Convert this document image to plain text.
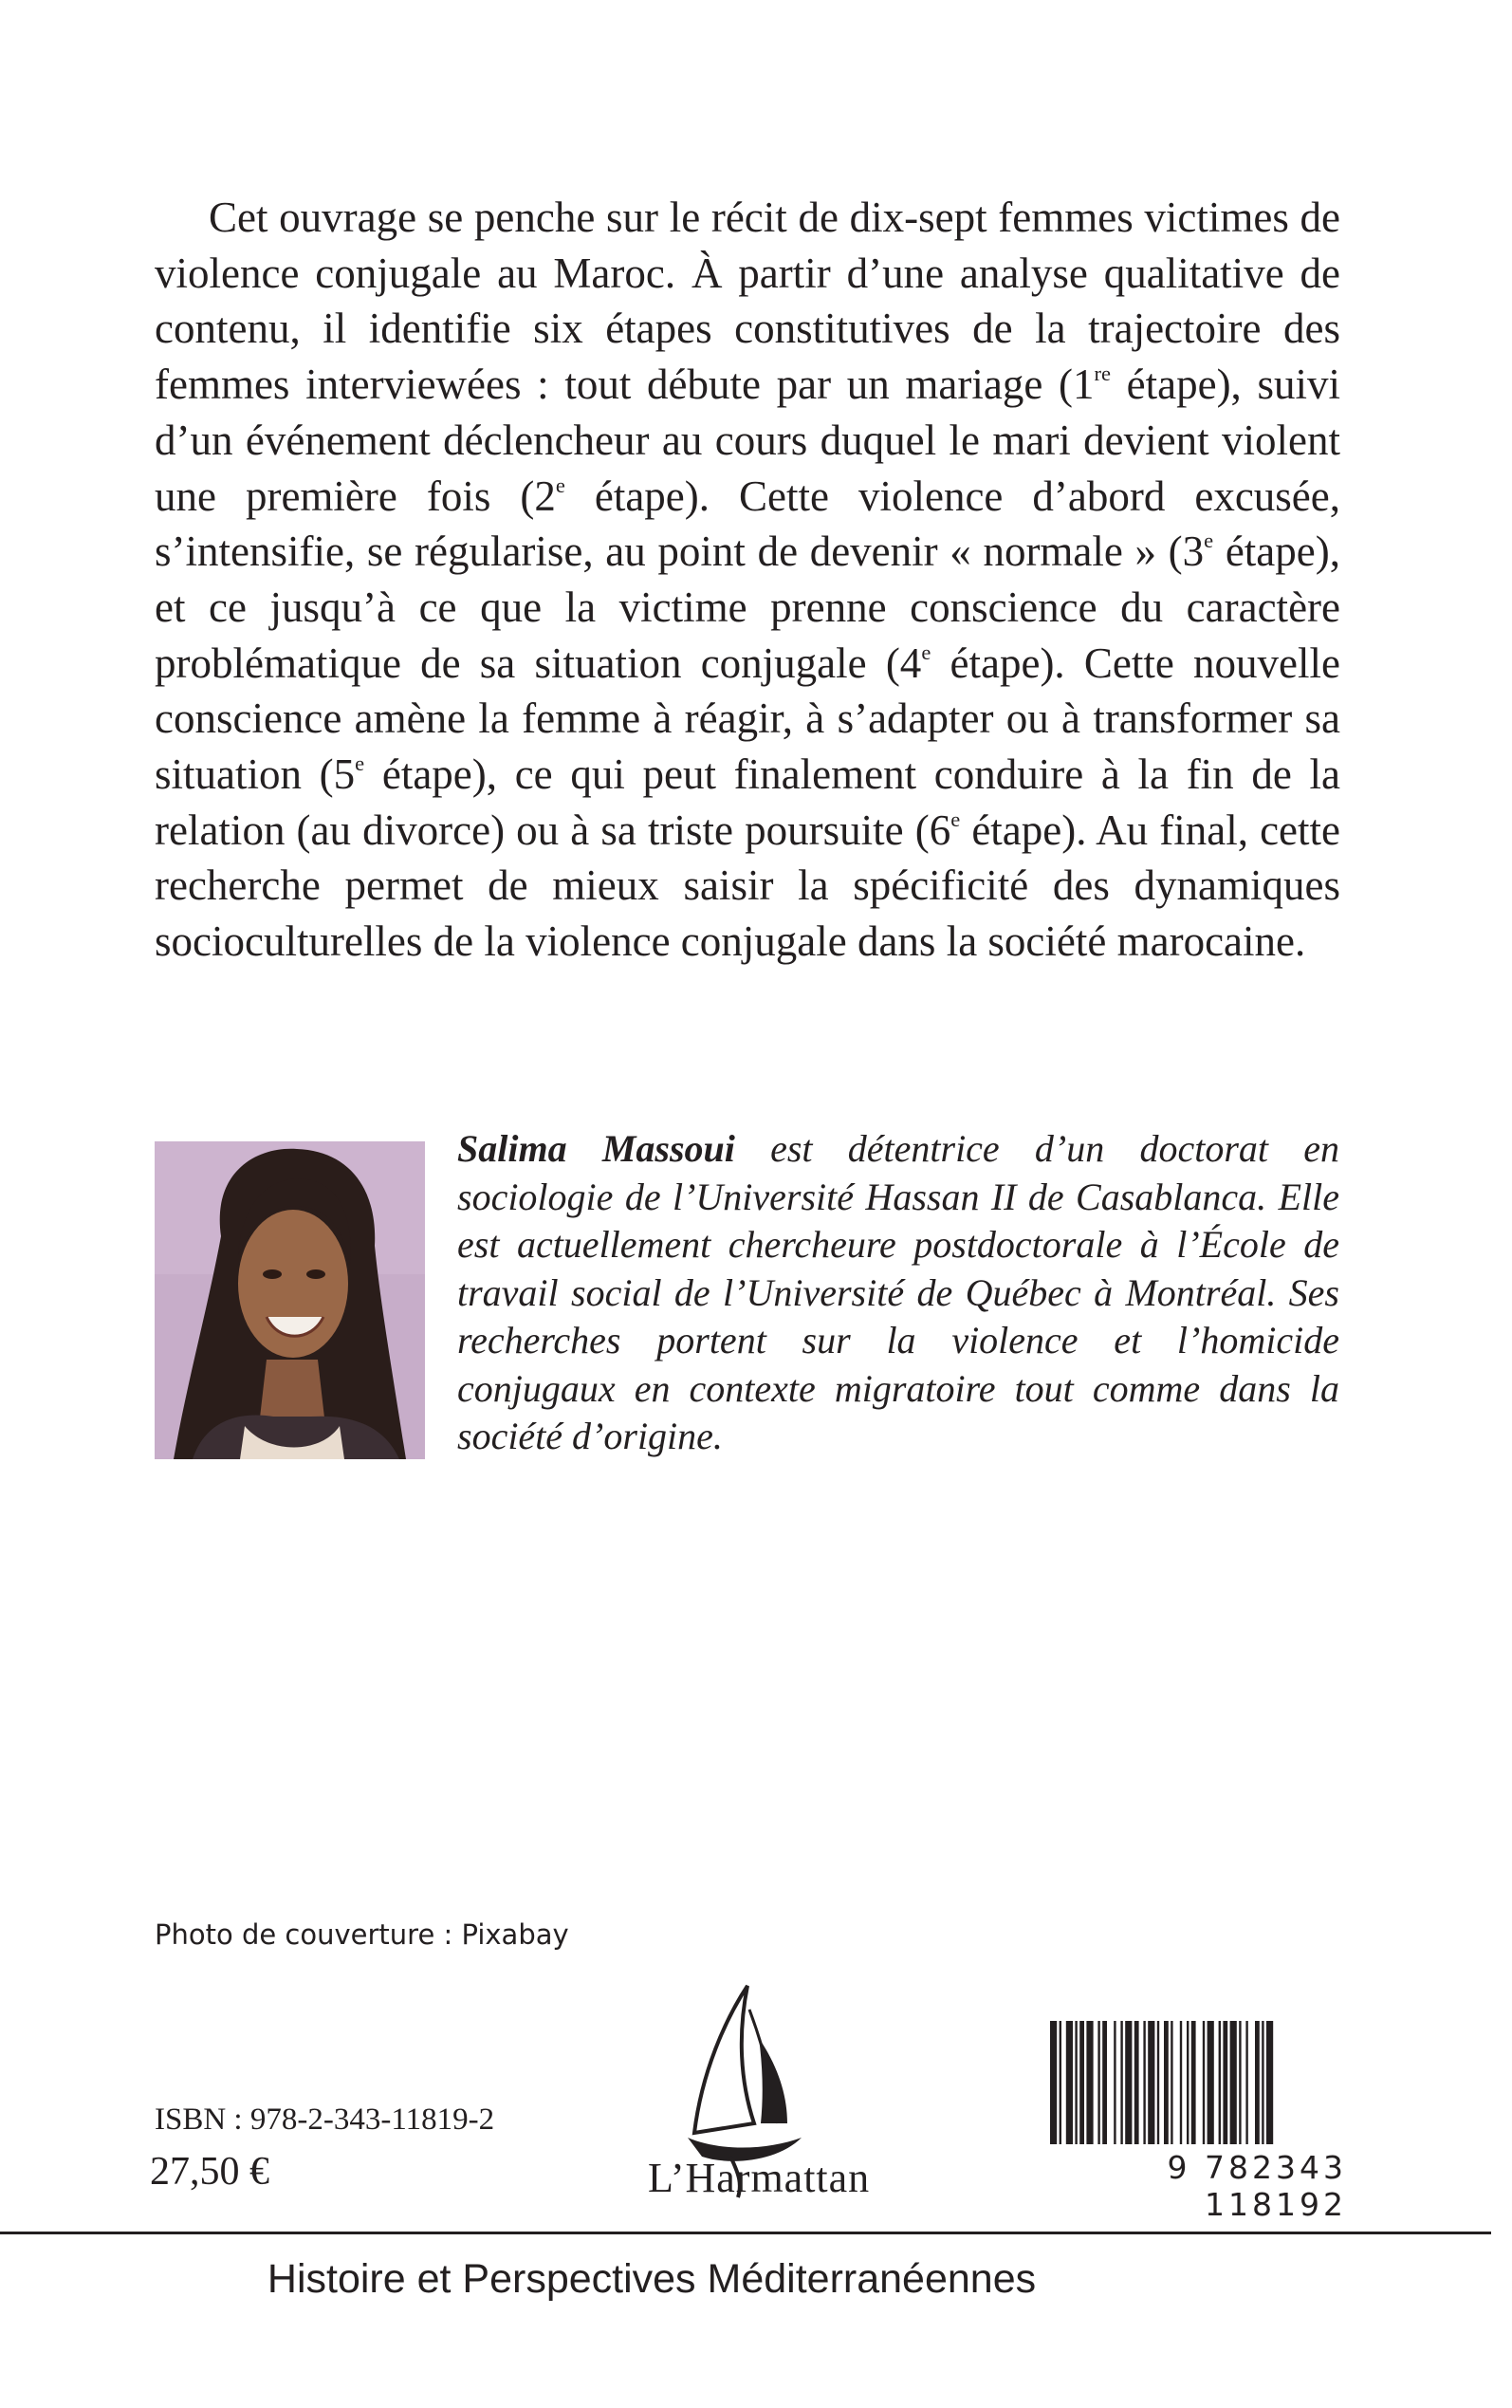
Cet ouvrage se penche sur le récit de dix-sept femmes victimes de violence conjugale au Maroc. À partir d’une analyse qualitative de contenu, il identifie six étapes constitutives de la trajectoire des femmes interviewées : tout débute par un mariage (1re étape), suivi d’un événement déclencheur au cours duquel le mari devient violent une première fois (2e étape). Cette violence d’abord excusée, s’intensifie, se régularise, au point de devenir « normale » (3e étape), et ce jusqu’à ce que la victime prenne conscience du caractère problématique de sa situation conjugale (4e étape). Cette nouvelle conscience amène la femme à réagir, à s’adapter ou à transformer sa situation (5e étape), ce qui peut finalement conduire à la fin de la relation (au divorce) ou à sa triste poursuite (6e étape). Au final, cette recherche permet de mieux saisir la spécificité des dynamiques socioculturelles de la violence conjugale dans la société marocaine.

Salima Massoui est détentrice d’un doctorat en sociologie de l’Université Hassan II de Casablanca. Elle est actuellement chercheure postdoctorale à l’École de travail social de l’Université de Québec à Montréal. Ses recherches portent sur la violence et l’homicide conjugaux en contexte migratoire tout comme dans la société d’origine.
Photo de couverture : Pixabay
ISBN : 978-2-343-11819-2
27,50 €	L’Harmattan	9 782343 118192
Histoire et Perspectives Méditerranéennes
